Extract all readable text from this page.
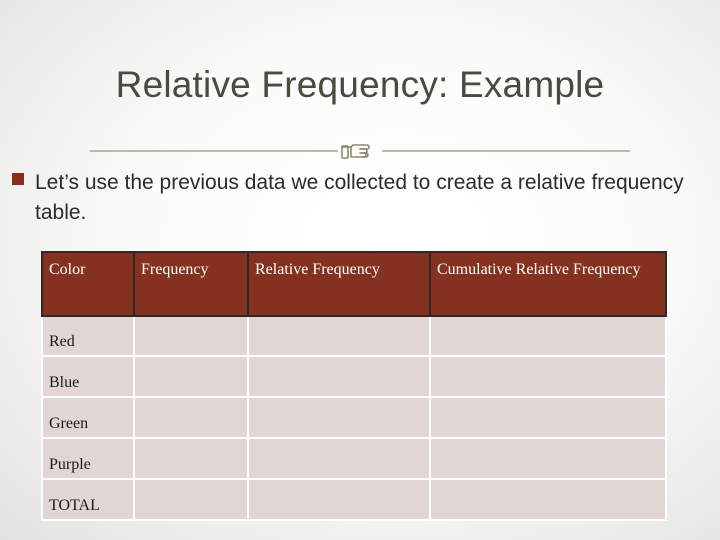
Relative Frequency: Example
Let’s use the previous data we collected to create a relative frequency table.
Color	Frequency	Relative Frequency	Cumulative Relative Frequency
Red			
Blue			
Green			
Purple			
TOTAL			
